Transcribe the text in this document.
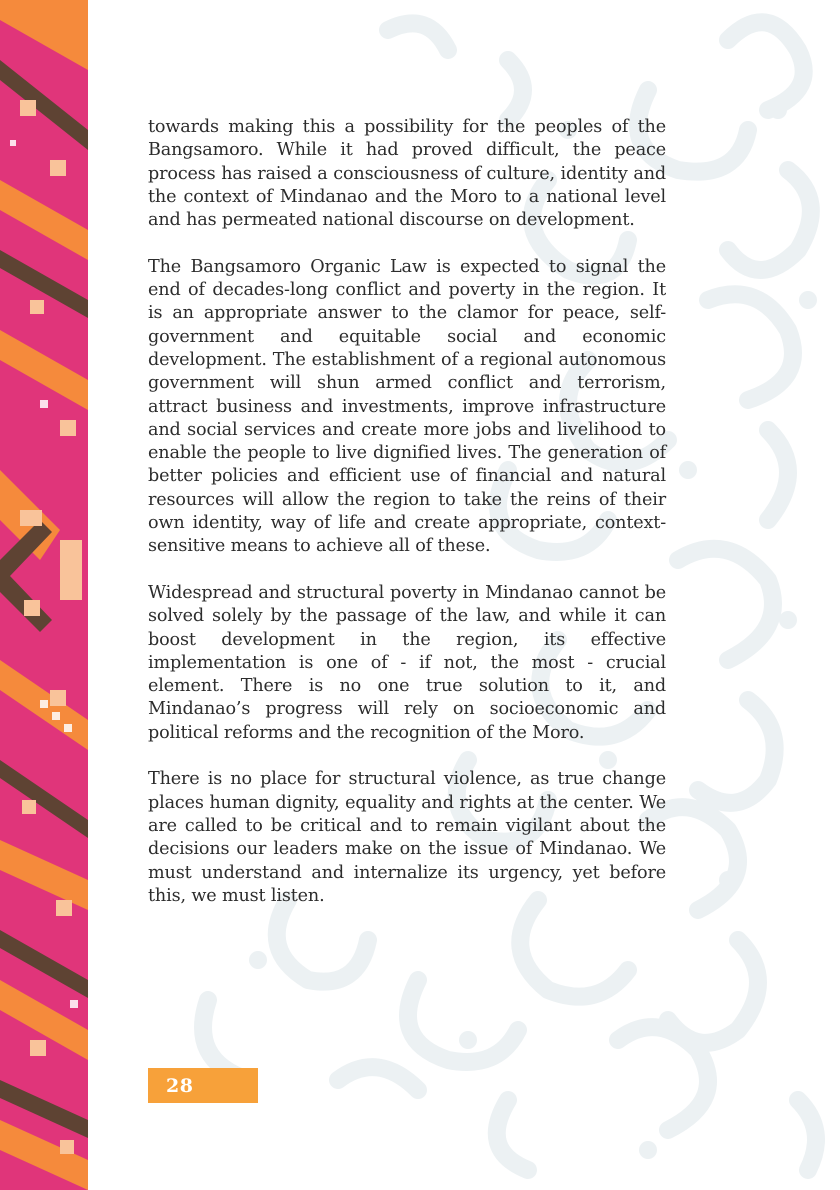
towards making this a possibility for the peoples of the Bangsamoro. While it had proved difficult, the peace process has raised a consciousness of culture, identity and the context of Mindanao and the Moro to a national level and has permeated national discourse on development.

The Bangsamoro Organic Law is expected to signal the end of decades-long conflict and poverty in the region. It is an appropriate answer to the clamor for peace, self-government and equitable social and economic development. The establishment of a regional autonomous government will shun armed conflict and terrorism, attract business and investments, improve infrastructure and social services and create more jobs and livelihood to enable the people to live dignified lives. The generation of better policies and efficient use of financial and natural resources will allow the region to take the reins of their own identity, way of life and create appropriate, context-sensitive means to achieve all of these.

Widespread and structural poverty in Mindanao cannot be solved solely by the passage of the law, and while it can boost development in the region, its effective implementation is one of - if not, the most - crucial element. There is no one true solution to it, and Mindanao’s progress will rely on socioeconomic and political reforms and the recognition of the Moro.

There is no place for structural violence, as true change places human dignity, equality and rights at the center. We are called to be critical and to remain vigilant about the decisions our leaders make on the issue of Mindanao. We must understand and internalize its urgency, yet before this, we must listen.

28
